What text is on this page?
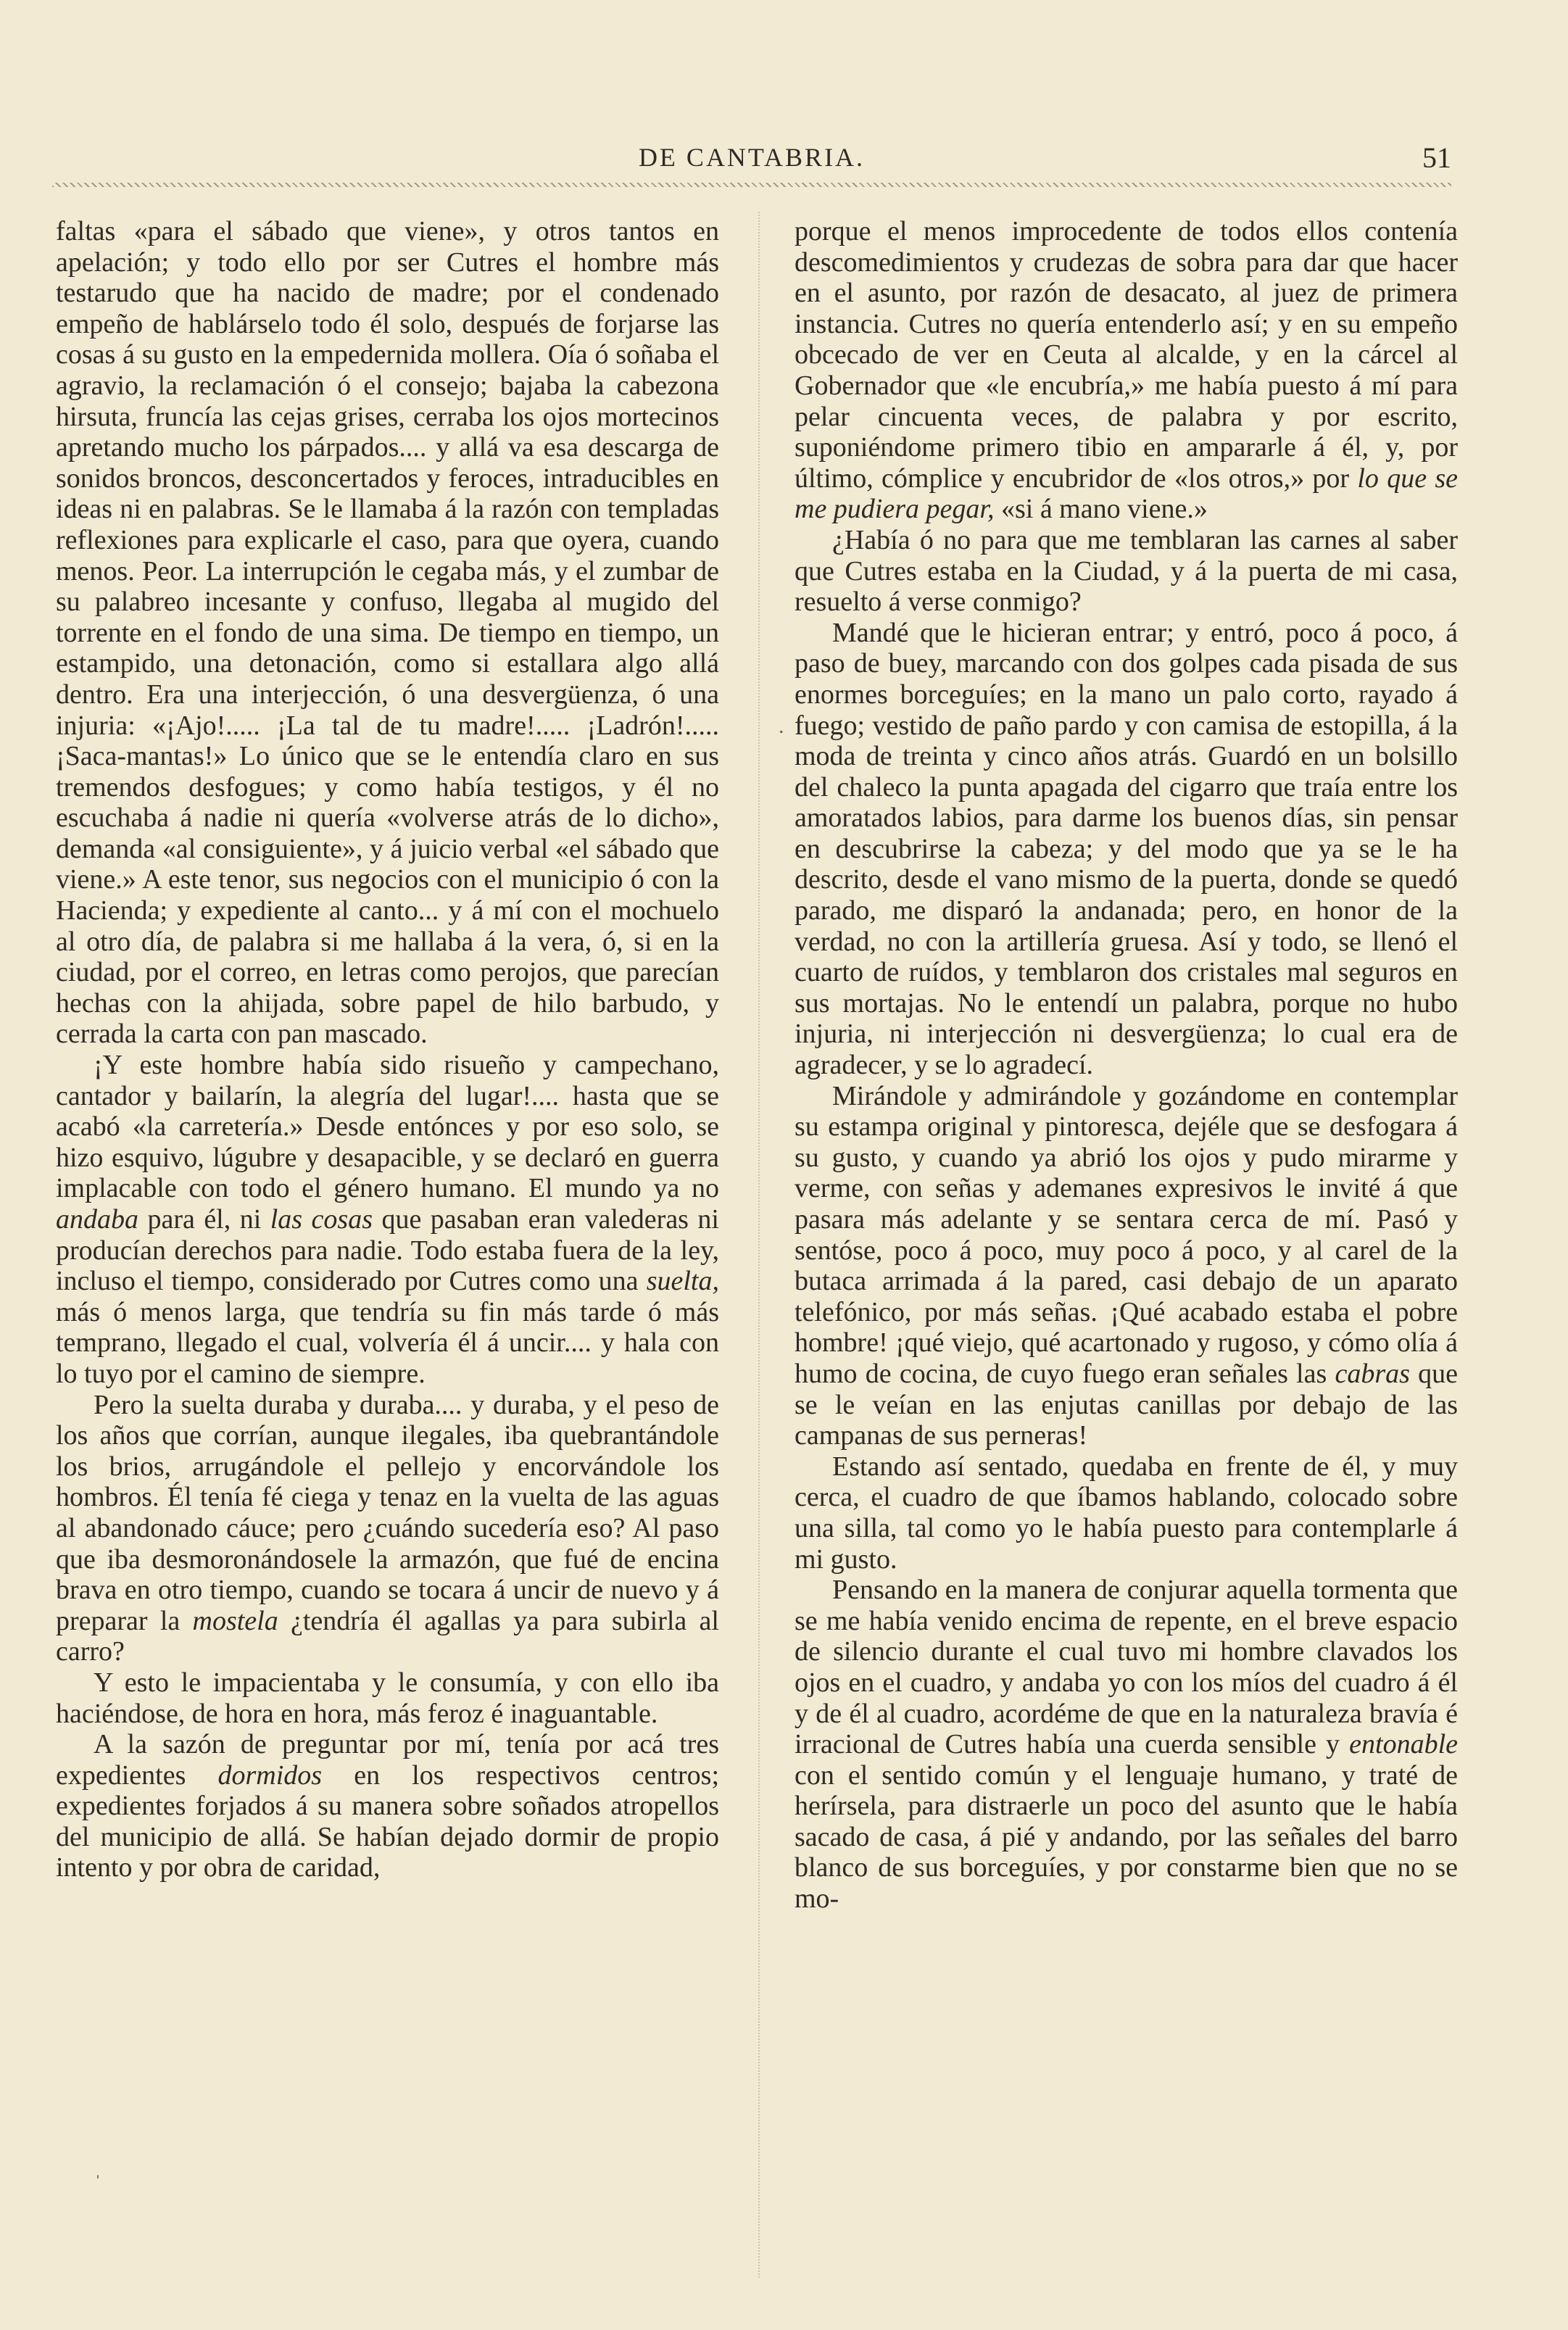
DE CANTABRIA.	51

faltas «para el sábado que viene», y otros tantos en apelación; y todo ello por ser Cutres el hombre más testarudo que ha nacido de madre; por el condenado empeño de hablárselo todo él solo, después de forjarse las cosas á su gusto en la empedernida mollera. Oía ó soñaba el agravio, la reclamación ó el consejo; bajaba la cabezona hirsuta, fruncía las cejas grises, cerraba los ojos mortecinos apretando mucho los párpados.... y allá va esa descarga de sonidos broncos, desconcertados y feroces, intraducibles en ideas ni en palabras. Se le llamaba á la razón con templadas reflexiones para explicarle el caso, para que oyera, cuando menos. Peor. La interrupción le cegaba más, y el zumbar de su palabreo incesante y confuso, llegaba al mugido del torrente en el fondo de una sima. De tiempo en tiempo, un estampido, una detonación, como si estallara algo allá dentro. Era una interjección, ó una desvergüenza, ó una injuria: «¡Ajo!..... ¡La tal de tu madre!..... ¡Ladrón!..... ¡Saca-mantas!» Lo único que se le entendía claro en sus tremendos desfogues; y como había testigos, y él no escuchaba á nadie ni quería «volverse atrás de lo dicho», demanda «al consiguiente», y á juicio verbal «el sábado que viene.» A este tenor, sus negocios con el municipio ó con la Hacienda; y expediente al canto... y á mí con el mochuelo al otro día, de palabra si me hallaba á la vera, ó, si en la ciudad, por el correo, en letras como perojos, que parecían hechas con la ahijada, sobre papel de hilo barbudo, y cerrada la carta con pan mascado.

¡Y este hombre había sido risueño y campechano, cantador y bailarín, la alegría del lugar!.... hasta que se acabó «la carretería.» Desde entónces y por eso solo, se hizo esquivo, lúgubre y desapacible, y se declaró en guerra implacable con todo el género humano. El mundo ya no andaba para él, ni las cosas que pasaban eran valederas ni producían derechos para nadie. Todo estaba fuera de la ley, incluso el tiempo, considerado por Cutres como una suelta, más ó menos larga, que tendría su fin más tarde ó más temprano, llegado el cual, volvería él á uncir.... y hala con lo tuyo por el camino de siempre.

Pero la suelta duraba y duraba.... y duraba, y el peso de los años que corrían, aunque ilegales, iba quebrantándole los brios, arrugándole el pellejo y encorvándole los hombros. Él tenía fé ciega y tenaz en la vuelta de las aguas al abandonado cáuce; pero ¿cuándo sucedería eso? Al paso que iba desmoronándosele la armazón, que fué de encina brava en otro tiempo, cuando se tocara á uncir de nuevo y á preparar la mostela ¿tendría él agallas ya para subirla al carro?

Y esto le impacientaba y le consumía, y con ello iba haciéndose, de hora en hora, más feroz é inaguantable.

A la sazón de preguntar por mí, tenía por acá tres expedientes dormidos en los respectivos centros; expedientes forjados á su manera sobre soñados atropellos del municipio de allá. Se habían dejado dormir de propio intento y por obra de caridad,

porque el menos improcedente de todos ellos contenía descomedimientos y crudezas de sobra para dar que hacer en el asunto, por razón de desacato, al juez de primera instancia. Cutres no quería entenderlo así; y en su empeño obcecado de ver en Ceuta al alcalde, y en la cárcel al Gobernador que «le encubría,» me había puesto á mí para pelar cincuenta veces, de palabra y por escrito, suponiéndome primero tibio en ampararle á él, y, por último, cómplice y encubridor de «los otros,» por lo que se me pudiera pegar, «si á mano viene.»

¿Había ó no para que me temblaran las carnes al saber que Cutres estaba en la Ciudad, y á la puerta de mi casa, resuelto á verse conmigo?

Mandé que le hicieran entrar; y entró, poco á poco, á paso de buey, marcando con dos golpes cada pisada de sus enormes borceguíes; en la mano un palo corto, rayado á fuego; vestido de paño pardo y con camisa de estopilla, á la moda de treinta y cinco años atrás. Guardó en un bolsillo del chaleco la punta apagada del cigarro que traía entre los amoratados labios, para darme los buenos días, sin pensar en descubrirse la cabeza; y del modo que ya se le ha descrito, desde el vano mismo de la puerta, donde se quedó parado, me disparó la andanada; pero, en honor de la verdad, no con la artillería gruesa. Así y todo, se llenó el cuarto de ruídos, y temblaron dos cristales mal seguros en sus mortajas. No le entendí un palabra, porque no hubo injuria, ni interjección ni desvergüenza; lo cual era de agradecer, y se lo agradecí.

Mirándole y admirándole y gozándome en contemplar su estampa original y pintoresca, dejéle que se desfogara á su gusto, y cuando ya abrió los ojos y pudo mirarme y verme, con señas y ademanes expresivos le invité á que pasara más adelante y se sentara cerca de mí. Pasó y sentóse, poco á poco, muy poco á poco, y al carel de la butaca arrimada á la pared, casi debajo de un aparato telefónico, por más señas. ¡Qué acabado estaba el pobre hombre! ¡qué viejo, qué acartonado y rugoso, y cómo olía á humo de cocina, de cuyo fuego eran señales las cabras que se le veían en las enjutas canillas por debajo de las campanas de sus perneras!

Estando así sentado, quedaba en frente de él, y muy cerca, el cuadro de que íbamos hablando, colocado sobre una silla, tal como yo le había puesto para contemplarle á mi gusto.

Pensando en la manera de conjurar aquella tormenta que se me había venido encima de repente, en el breve espacio de silencio durante el cual tuvo mi hombre clavados los ojos en el cuadro, y andaba yo con los míos del cuadro á él y de él al cuadro, acordéme de que en la naturaleza bravía é irracional de Cutres había una cuerda sensible y entonable con el sentido común y el lenguaje humano, y traté de herírsela, para distraerle un poco del asunto que le había sacado de casa, á pié y andando, por las señales del barro blanco de sus borceguíes, y por constarme bien que no se mo-

.
ˈ
